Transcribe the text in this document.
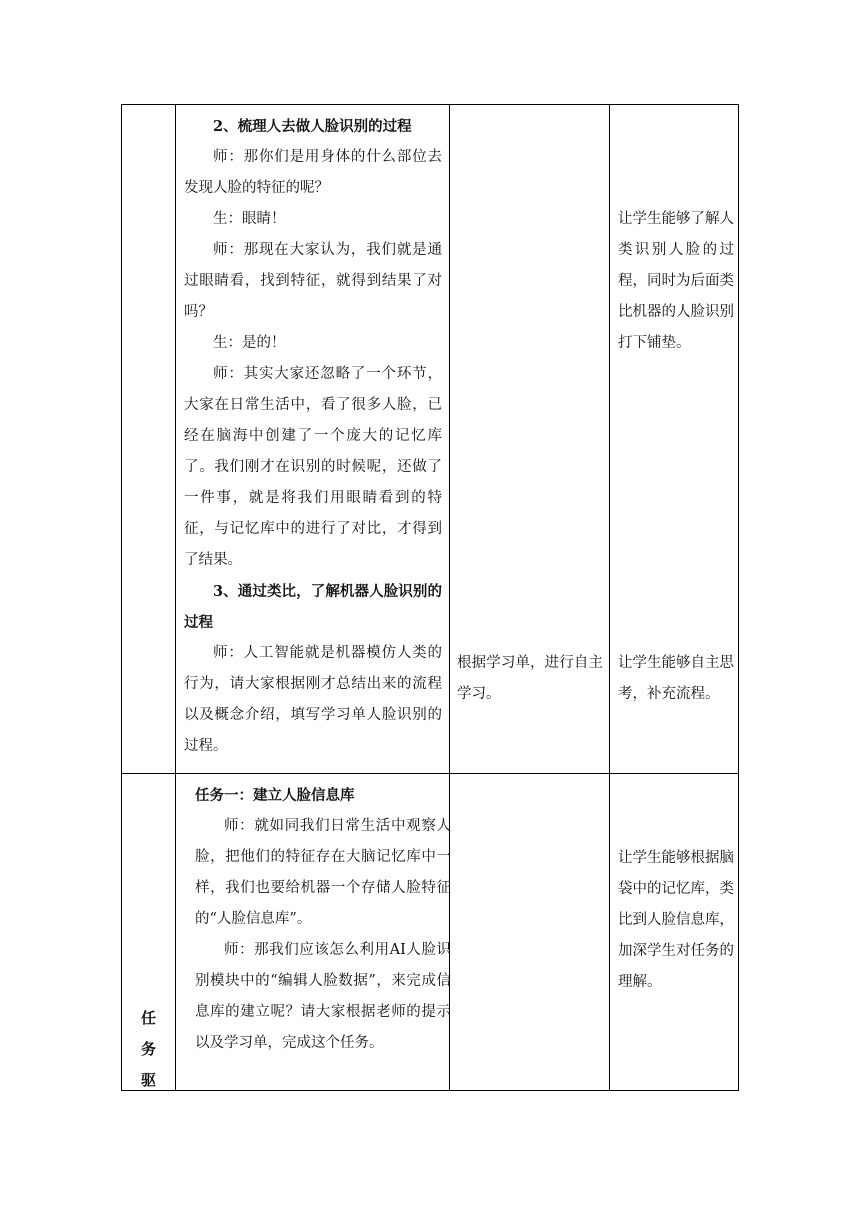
2、梳理人去做人脸识别的过程

师：那你们是用身体的什么部位去发现人脸的特征的呢？

生：眼睛！

师：那现在大家认为，我们就是通过眼睛看，找到特征，就得到结果了对吗？

生：是的！

师：其实大家还忽略了一个环节，大家在日常生活中，看了很多人脸，已经在脑海中创建了一个庞大的记忆库了。我们刚才在识别的时候呢，还做了一件事，就是将我们用眼睛看到的特征，与记忆库中的进行了对比，才得到了结果。

3、通过类比，了解机器人脸识别的过程

师：人工智能就是机器模仿人类的行为，请大家根据刚才总结出来的流程以及概念介绍，填写学习单人脸识别的过程。

根据学习单，进行自主学习。

让学生能够了解人类识别人脸的过程，同时为后面类比机器的人脸识别打下铺垫。

让学生能够自主思考，补充流程。

任
务
驱

任务一：建立人脸信息库

师：就如同我们日常生活中观察人脸，把他们的特征存在大脑记忆库中一样，我们也要给机器一个存储人脸特征的“人脸信息库”。

师：那我们应该怎么利用AI人脸识别模块中的“编辑人脸数据”，来完成信息库的建立呢？请大家根据老师的提示以及学习单，完成这个任务。

让学生能够根据脑袋中的记忆库，类比到人脸信息库，加深学生对任务的理解。
